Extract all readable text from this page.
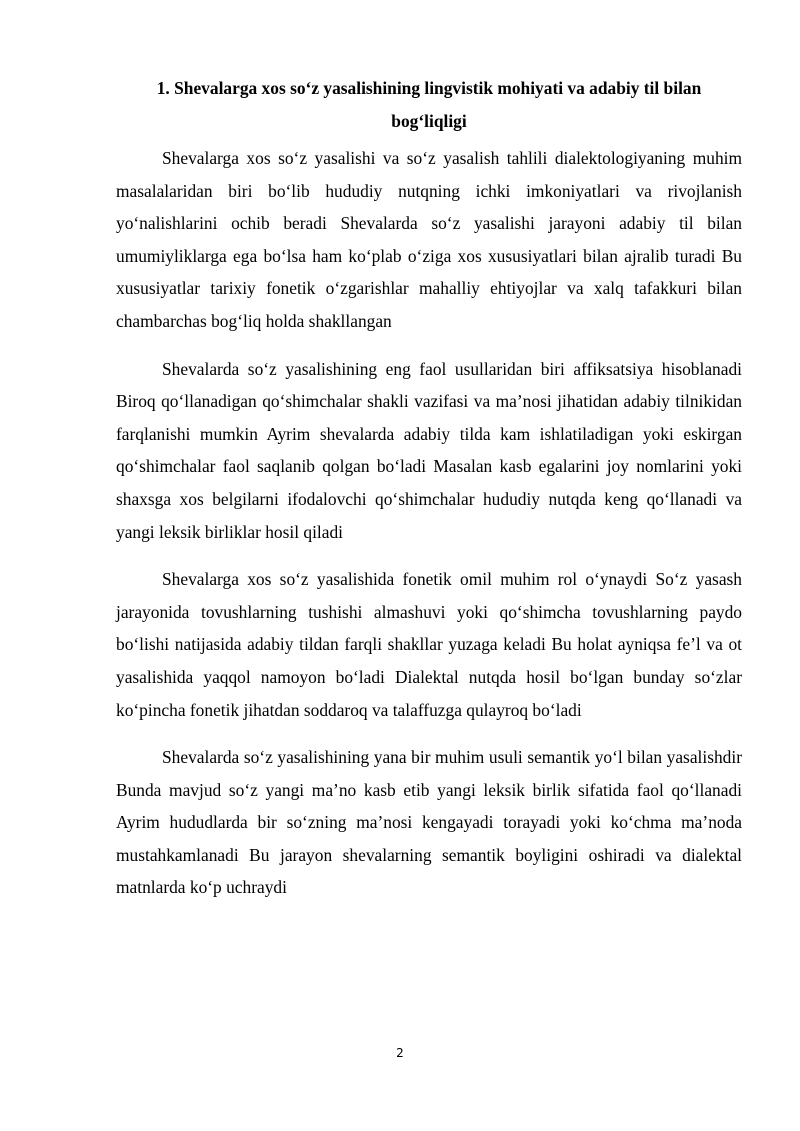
1. Shevalarga xos so‘z yasalishining lingvistik mohiyati va adabiy til bilan bog‘liqligi

Shevalarga xos so‘z yasalishi va so‘z yasalish tahlili dialektologiyaning muhim masalalaridan biri bo‘lib hududiy nutqning ichki imkoniyatlari va rivojlanish yo‘nalishlarini ochib beradi Shevalarda so‘z yasalishi jarayoni adabiy til bilan umumiyliklarga ega bo‘lsa ham ko‘plab o‘ziga xos xususiyatlari bilan ajralib turadi Bu xususiyatlar tarixiy fonetik o‘zgarishlar mahalliy ehtiyojlar va xalq tafakkuri bilan chambarchas bog‘liq holda shakllangan

Shevalarda so‘z yasalishining eng faol usullaridan biri affiksatsiya hisoblanadi Biroq qo‘llanadigan qo‘shimchalar shakli vazifasi va ma’nosi jihatidan adabiy tilnikidan farqlanishi mumkin Ayrim shevalarda adabiy tilda kam ishlatiladigan yoki eskirgan qo‘shimchalar faol saqlanib qolgan bo‘ladi Masalan kasb egalarini joy nomlarini yoki shaxsga xos belgilarni ifodalovchi qo‘shimchalar hududiy nutqda keng qo‘llanadi va yangi leksik birliklar hosil qiladi

Shevalarga xos so‘z yasalishida fonetik omil muhim rol o‘ynaydi So‘z yasash jarayonida tovushlarning tushishi almashuvi yoki qo‘shimcha tovushlarning paydo bo‘lishi natijasida adabiy tildan farqli shakllar yuzaga keladi Bu holat ayniqsa fe’l va ot yasalishida yaqqol namoyon bo‘ladi Dialektal nutqda hosil bo‘lgan bunday so‘zlar ko‘pincha fonetik jihatdan soddaroq va talaffuzga qulayroq bo‘ladi

Shevalarda so‘z yasalishining yana bir muhim usuli semantik yo‘l bilan yasalishdir Bunda mavjud so‘z yangi ma’no kasb etib yangi leksik birlik sifatida faol qo‘llanadi Ayrim hududlarda bir so‘zning ma’nosi kengayadi torayadi yoki ko‘chma ma’noda mustahkamlanadi Bu jarayon shevalarning semantik boyligini oshiradi va dialektal matnlarda ko‘p uchraydi

2
